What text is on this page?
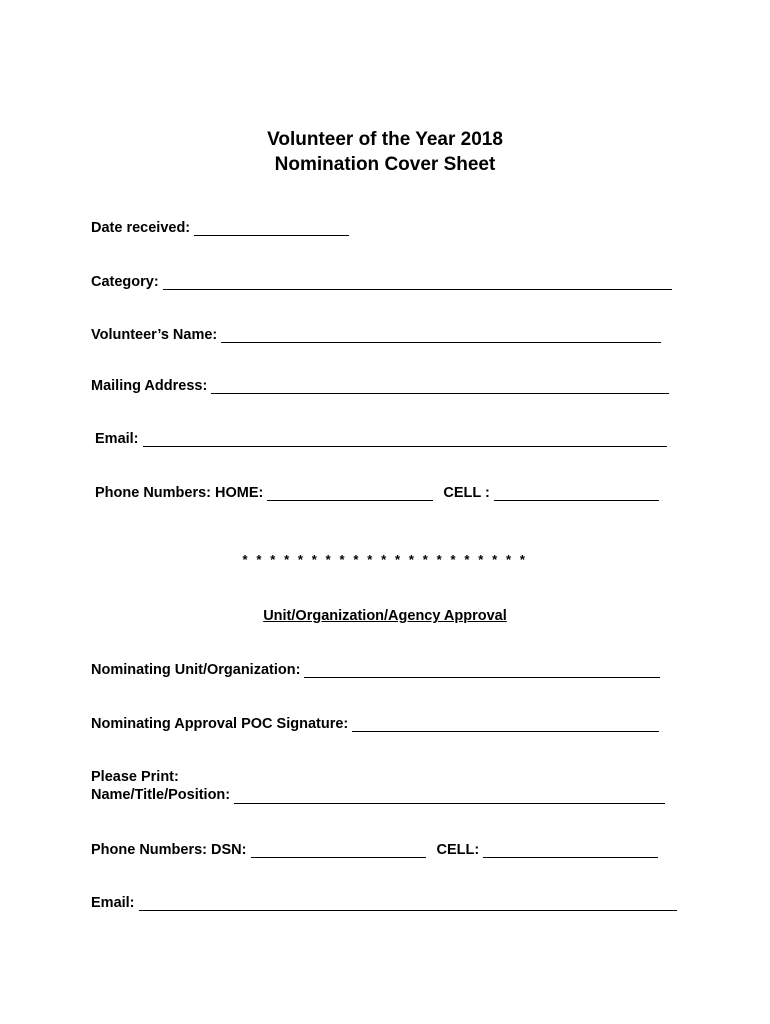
Volunteer of the Year 2018
Nomination Cover Sheet
Date received:
Category:
Volunteer’s Name:
Mailing Address:
Email:
Phone Numbers: HOME:	CELL :
* * * * * * * * * * * * * * * * * * * * *
Unit/Organization/Agency Approval
Nominating Unit/Organization:
Nominating Approval POC Signature:
Please Print:
Name/Title/Position:
Phone Numbers: DSN:	CELL:
Email:
